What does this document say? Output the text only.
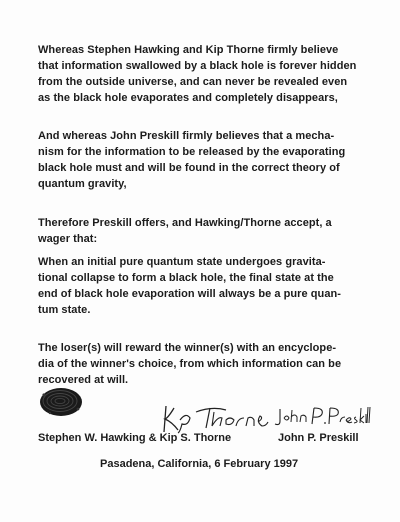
Whereas Stephen Hawking and Kip Thorne firmly believe
that information swallowed by a black hole is forever hidden
from the outside universe, and can never be revealed even
as the black hole evaporates and completely disappears,
And whereas John Preskill firmly believes that a mecha-
nism for the information to be released by the evaporating
black hole must and will be found in the correct theory of
quantum gravity,
Therefore Preskill offers, and Hawking/Thorne accept, a
wager that:
When an initial pure quantum state undergoes gravita-
tional collapse to form a black hole, the final state at the
end of black hole evaporation will always be a pure quan-
tum state.
The loser(s) will reward the winner(s) with an encyclope-
dia of the winner's choice, from which information can be
recovered at will.
Stephen W. Hawking & Kip S. Thorne	John P. Preskill
Pasadena, California, 6 February 1997
